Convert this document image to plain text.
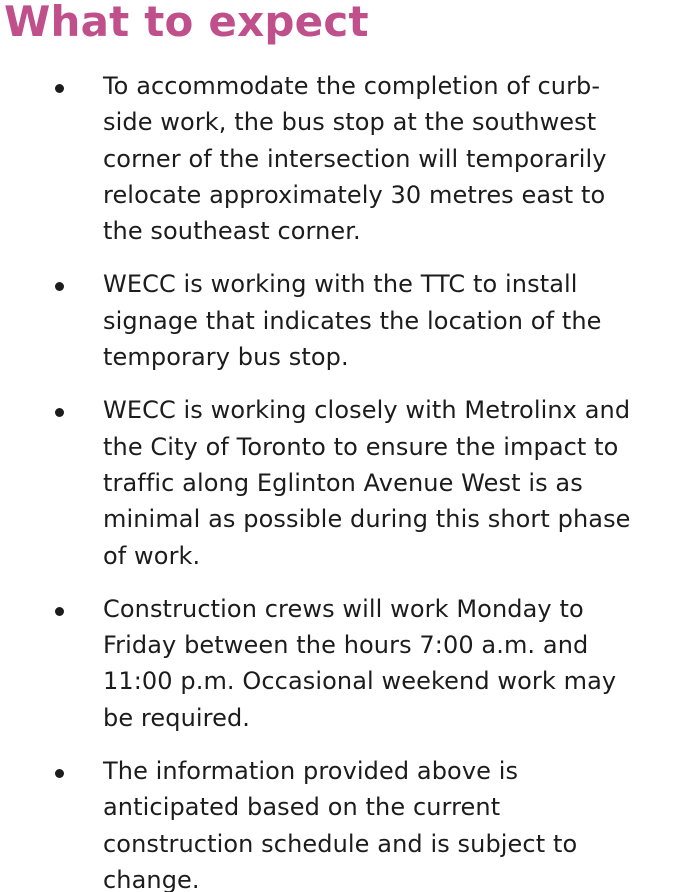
What to expect
To accommodate the completion of curb-
side work, the bus stop at the southwest
corner of the intersection will temporarily
relocate approximately 30 metres east to
the southeast corner.
WECC is working with the TTC to install
signage that indicates the location of the
temporary bus stop.
WECC is working closely with Metrolinx and
the City of Toronto to ensure the impact to
traffic along Eglinton Avenue West is as
minimal as possible during this short phase
of work.
Construction crews will work Monday to
Friday between the hours 7:00 a.m. and
11:00 p.m. Occasional weekend work may
be required.
The information provided above is
anticipated based on the current
construction schedule and is subject to
change.
